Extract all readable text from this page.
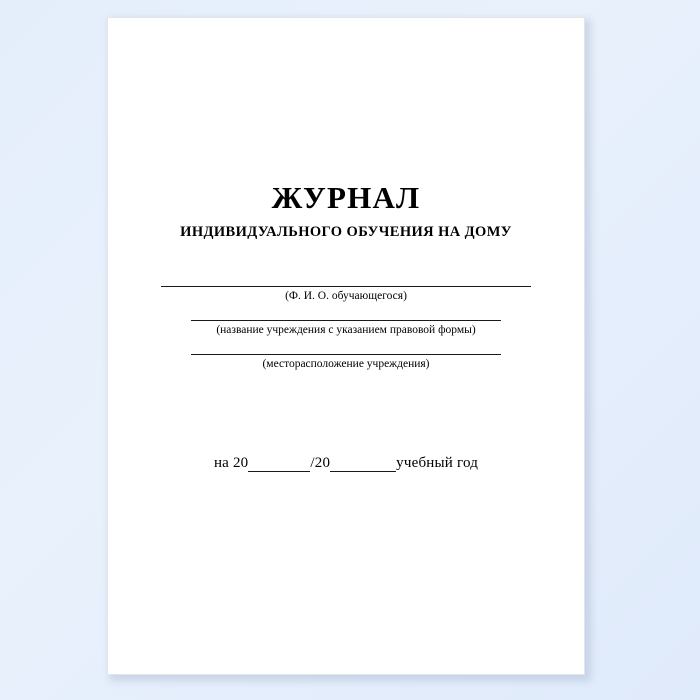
ЖУРНАЛ
ИНДИВИДУАЛЬНОГО ОБУЧЕНИЯ НА ДОМУ
(Ф. И. О. обучающегося)
(название учреждения с указанием правовой формы)
(месторасположение учреждения)
на 20	/20	учебный год
